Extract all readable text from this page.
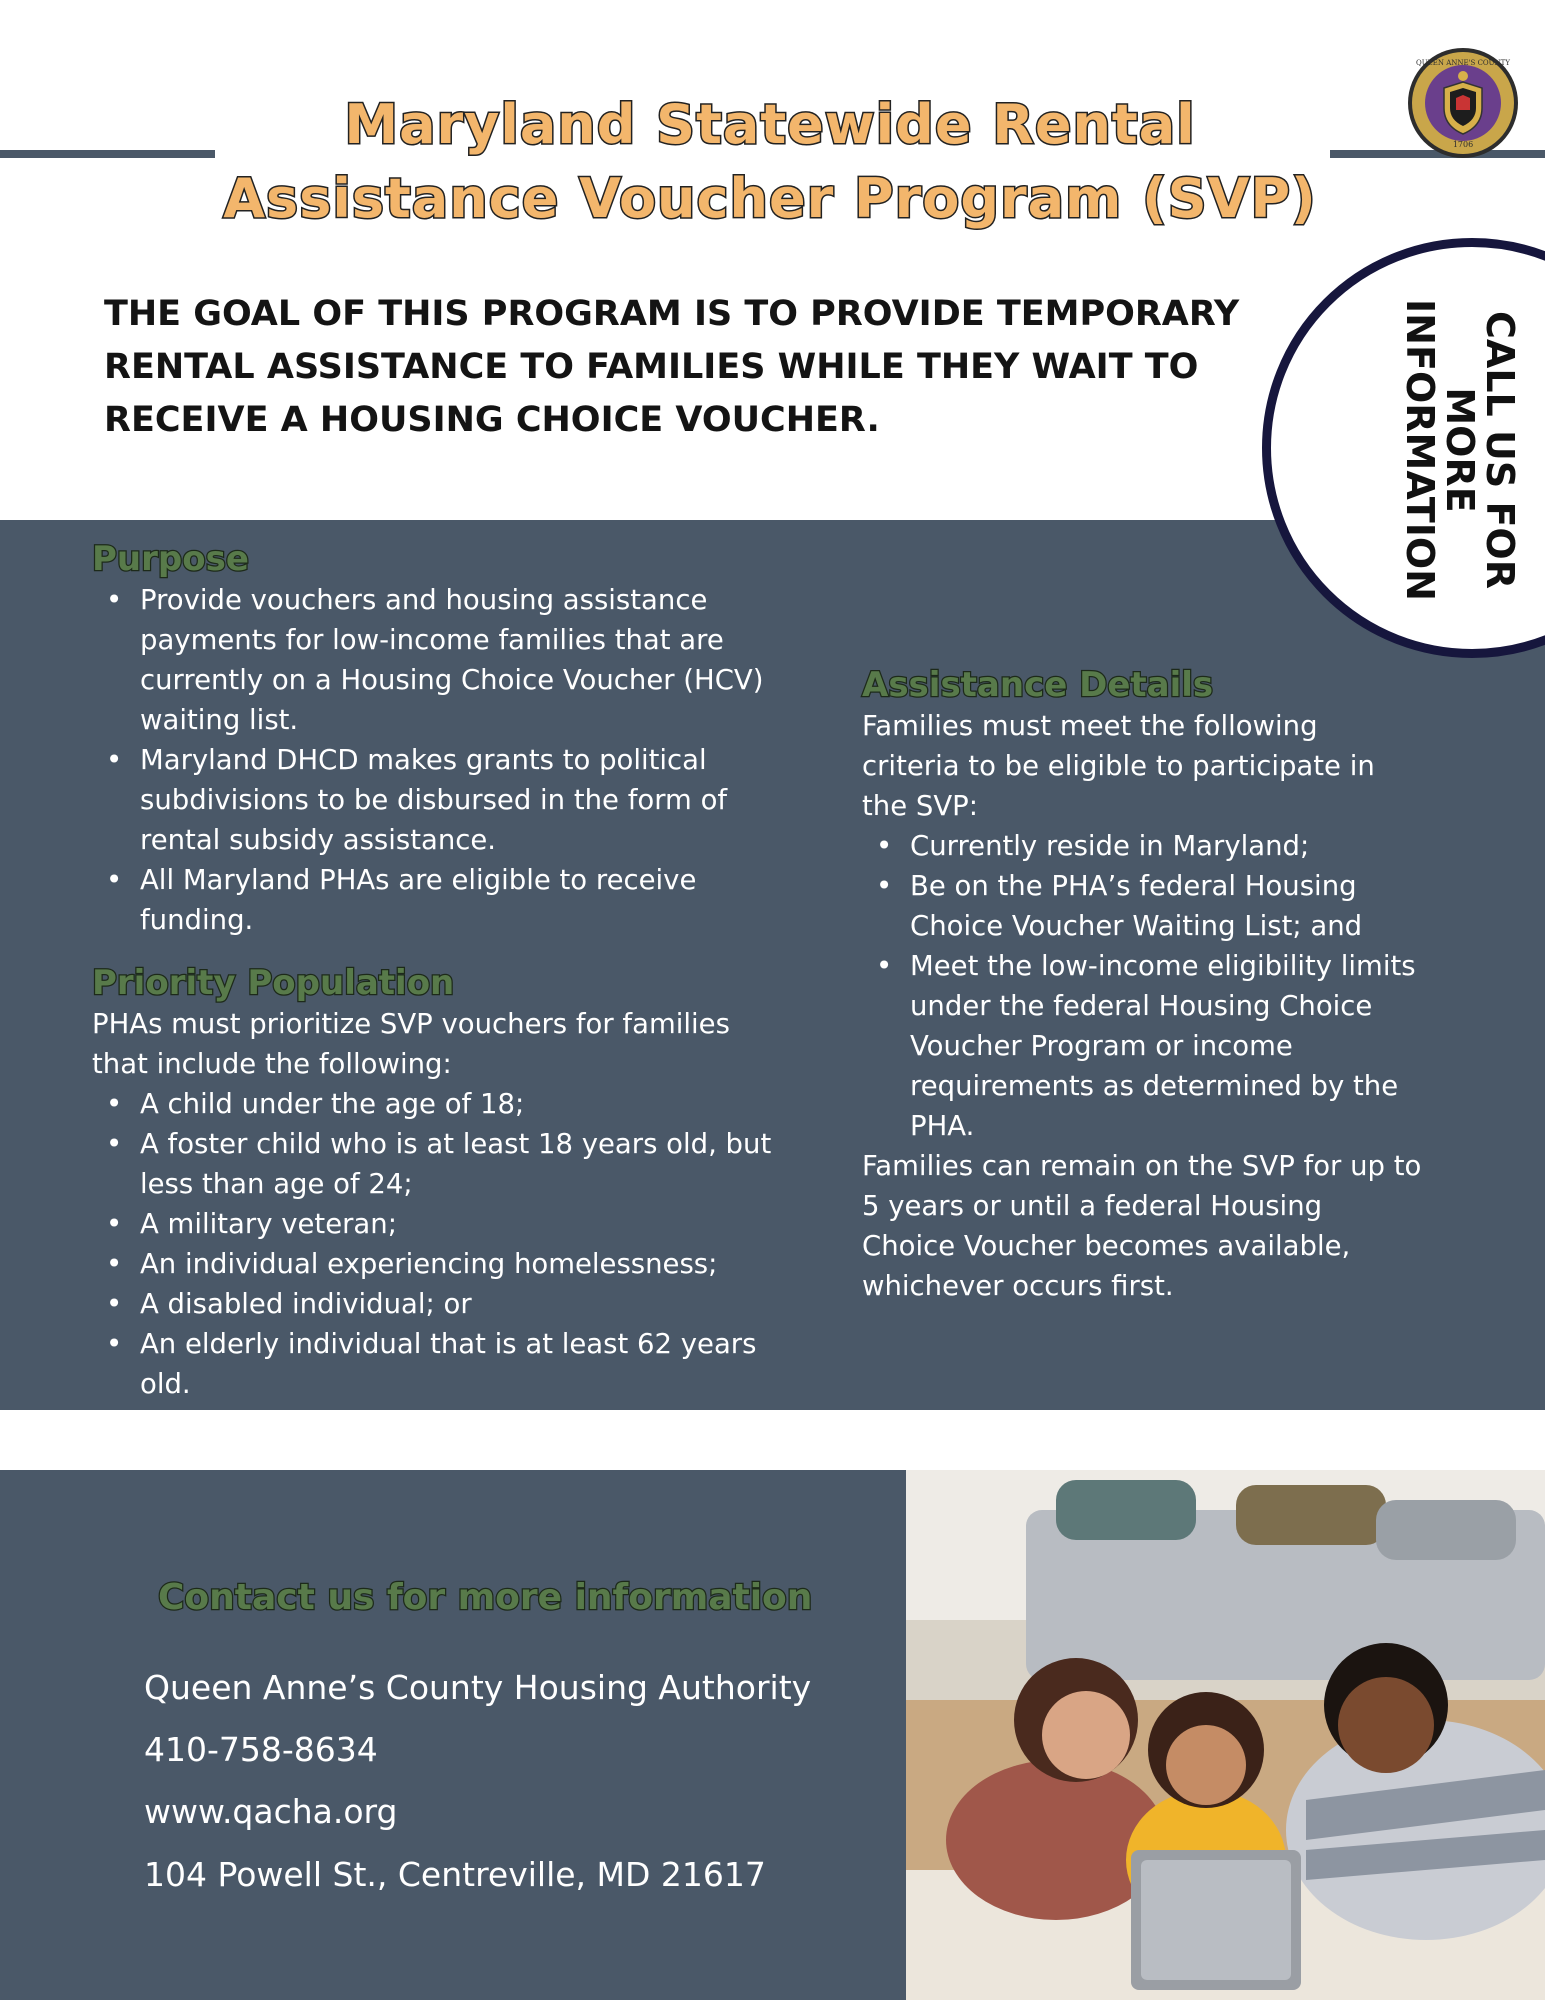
Maryland Statewide Rental
Assistance Voucher Program (SVP)
QUEEN ANNE'S COUNTY
1706

THE GOAL OF THIS PROGRAM IS TO PROVIDE TEMPORARY RENTAL ASSISTANCE TO FAMILIES WHILE THEY WAIT TO RECEIVE A HOUSING CHOICE VOUCHER.	CALL US FOR
MORE
INFORMATION
Purpose
• Provide vouchers and housing assistance payments for low-income families that are currently on a Housing Choice Voucher (HCV) waiting list.
• Maryland DHCD makes grants to political subdivisions to be disbursed in the form of rental subsidy assistance.
• All Maryland PHAs are eligible to receive funding.
Priority Population

PHAs must prioritize SVP vouchers for families that include the following:

• A child under the age of 18;
• A foster child who is at least 18 years old, but less than age of 24;
• A military veteran;
• An individual experiencing homelessness;
• A disabled individual; or
• An elderly individual that is at least 62 years old.
Assistance Details

Families must meet the following criteria to be eligible to participate in the SVP:

• Currently reside in Maryland;
• Be on the PHA’s federal Housing Choice Voucher Waiting List; and
• Meet the low-income eligibility limits under the federal Housing Choice Voucher Program or income requirements as determined by the PHA.

Families can remain on the SVP for up to 5 years or until a federal Housing Choice Voucher becomes available, whichever occurs first.

Contact us for more information

Queen Anne’s County Housing Authority

410-758-8634

www.qacha.org

104 Powell St., Centreville, MD 21617
